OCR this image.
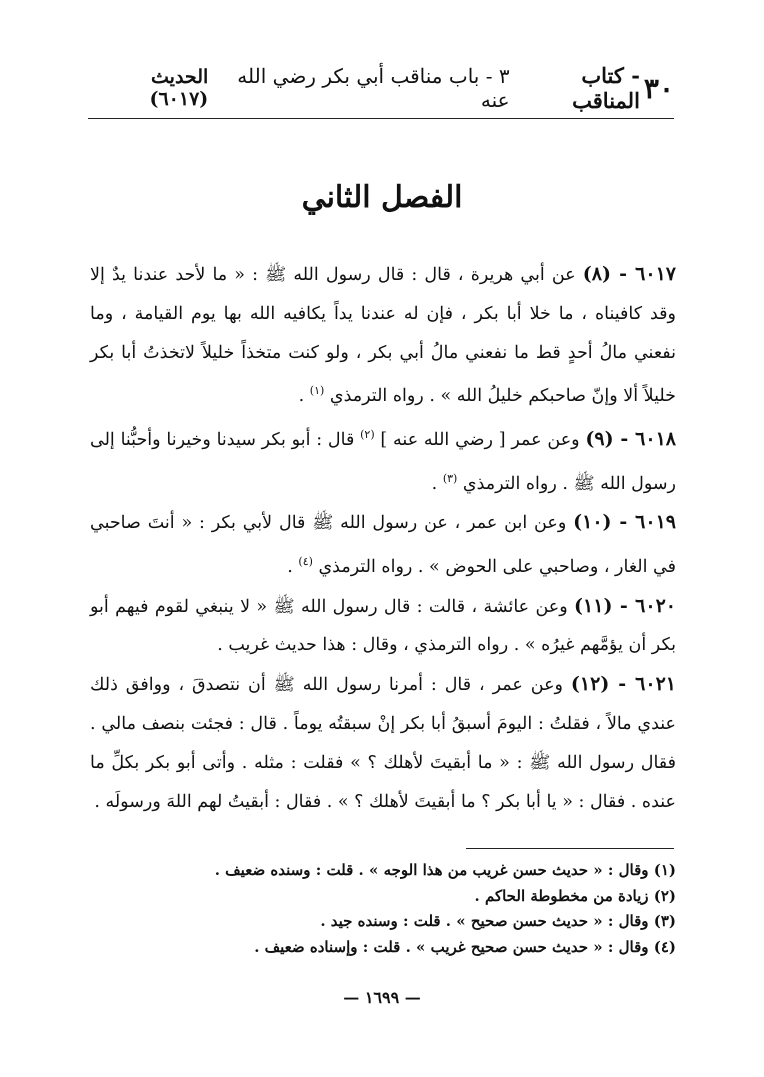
٣٠
- كتاب المناقب
٣ - باب مناقب أبي بكر رضي الله عنه
الحديث (٦٠١٧)
الفصل الثاني

٦٠١٧ - (٨) عن أبي هريرة ، قال : قال رسول الله ﷺ : « ما لأحد عندنا يدٌ إلا وقد كافيناه ، ما خلا أبا بكر ، فإن له عندنا يداً يكافيه الله بها يوم القيامة ، وما نفعني مالُ أحدٍ قط ما نفعني مالُ أبي بكر ، ولو كنت متخذاً خليلاً لاتخذتُ أبا بكر خليلاً ألا وإنّ صاحبكم خليلُ الله » . رواه الترمذي $^{(١)}$ .

٦٠١٨ - (٩) وعن عمر [ رضي الله عنه ] $^{(٢)}$ قال : أبو بكر سيدنا وخيرنا وأحبُّنا إلى رسول الله ﷺ . رواه الترمذي $^{(٣)}$ .

٦٠١٩ - (١٠) وعن ابن عمر ، عن رسول الله ﷺ قال لأبي بكر : « أنتَ صاحبي في الغار ، وصاحبي على الحوض » . رواه الترمذي $^{(٤)}$ .

٦٠٢٠ - (١١) وعن عائشة ، قالت : قال رسول الله ﷺ « لا ينبغي لقوم فيهم أبو بكر أن يؤمَّهم غيرُه » . رواه الترمذي ، وقال : هذا حديث غريب .

٦٠٢١ - (١٢) وعن عمر ، قال : أمرنا رسول الله ﷺ أن نتصدقَ ، ووافق ذلك عندي مالاً ، فقلتُ : اليومَ أسبقُ أبا بكر إنْ سبقتُه يوماً . قال : فجئت بنصف مالي . فقال رسول الله ﷺ : « ما أبقيتَ لأهلك ؟ » فقلت : مثله . وأتى أبو بكر بكلِّ ما عنده . فقال : « يا أبا بكر ؟ ما أبقيتَ لأهلك ؟ » . فقال : أبقيتُ لهم اللهَ ورسولَه .

(١) وقال : « حديث حسن غريب من هذا الوجه » . قلت : وسنده ضعيف .

(٢) زيادة من مخطوطة الحاكم .

(٣) وقال : « حديث حسن صحيح » . قلت : وسنده جيد .

(٤) وقال : « حديث حسن صحيح غريب » . قلت : وإسناده ضعيف .

— ١٦٩٩ —
